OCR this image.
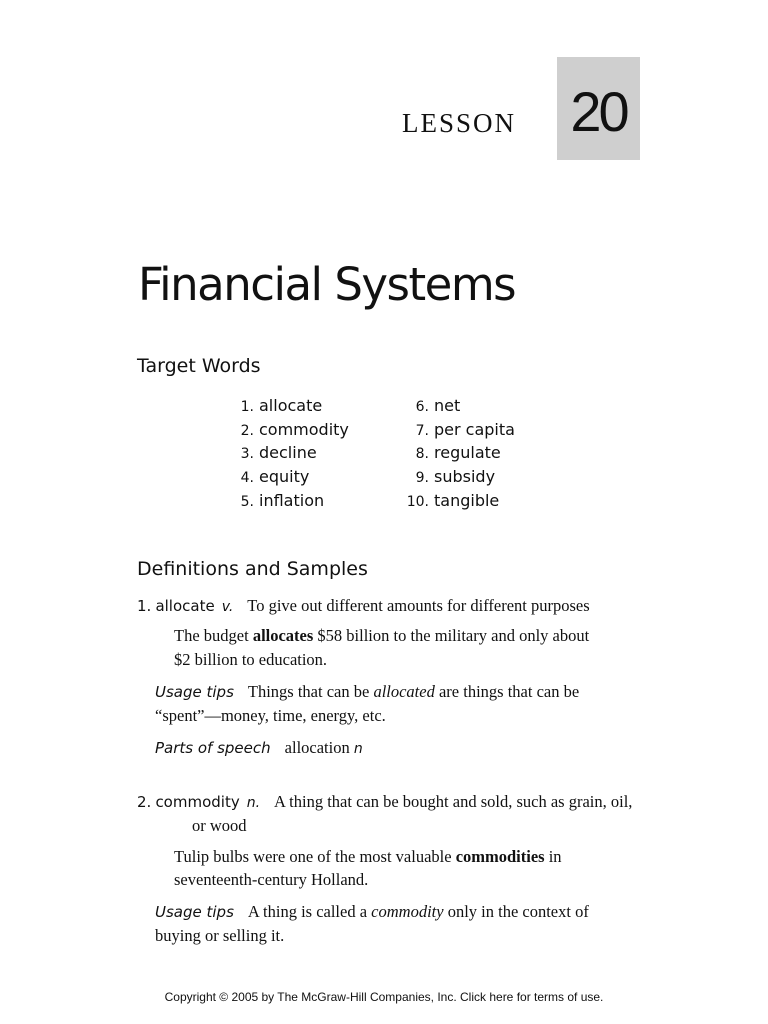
LESSON 20
Financial Systems
Target Words
1. allocate
2. commodity
3. decline
4. equity
5. inflation
6. net
7. per capita
8. regulate
9. subsidy
10. tangible
Definitions and Samples
1. allocate v. To give out different amounts for different purposes
The budget allocates $58 billion to the military and only about
$2 billion to education.
Usage tips Things that can be allocated are things that can be
“spent”—money, time, energy, etc.
Parts of speech allocation n
2. commodity n. A thing that can be bought and sold, such as grain, oil,
or wood
Tulip bulbs were one of the most valuable commodities in
seventeenth-century Holland.
Usage tips A thing is called a commodity only in the context of
buying or selling it.
Copyright © 2005 by The McGraw-Hill Companies, Inc. Click here for terms of use.
